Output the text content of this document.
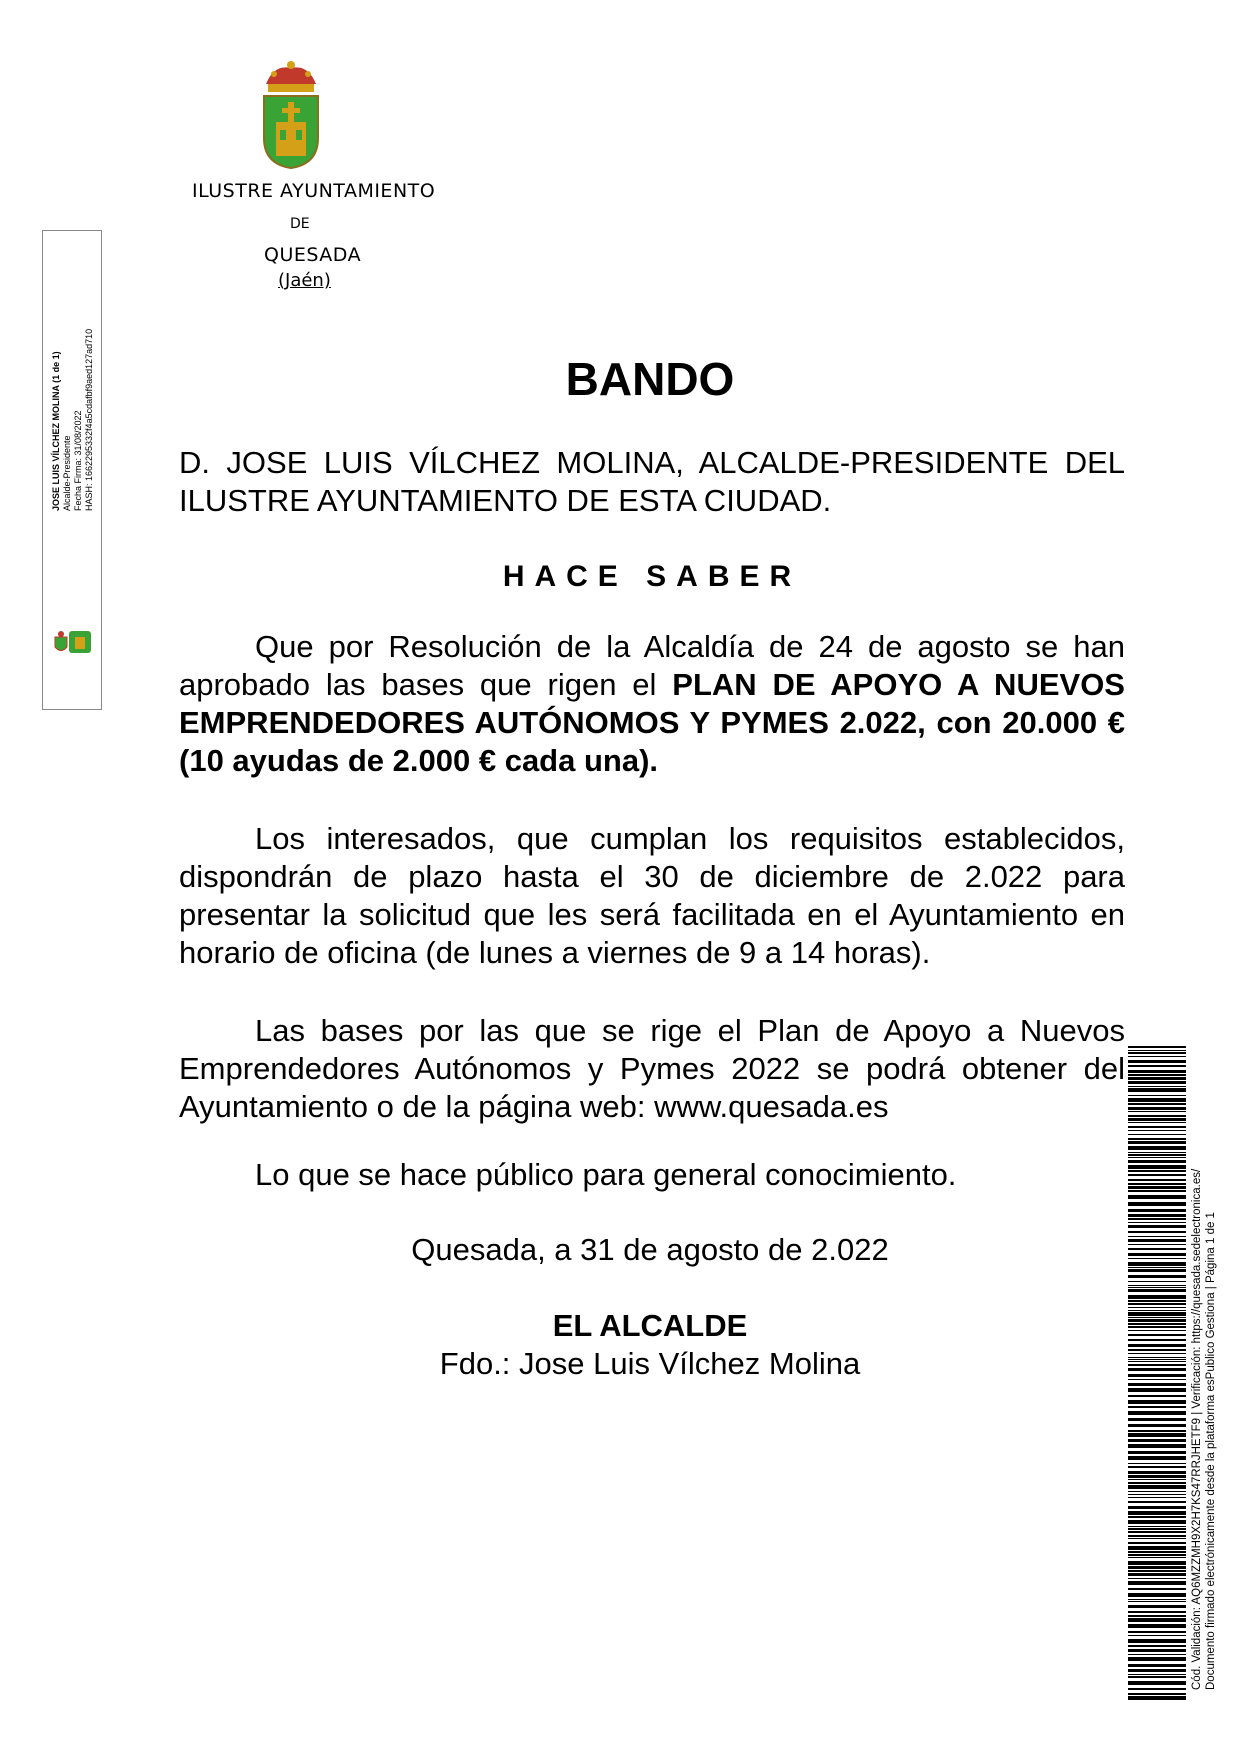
ILUSTRE AYUNTAMIENTO
DE
QUESADA
(Jaén)
JOSE LUIS VÍLCHEZ MOLINA (1 de 1) Alcalde-Presidente Fecha Firma: 31/08/2022 HASH: 1662295332f4a5cdafbf9aed127ad710	BANDO
D. JOSE LUIS VÍLCHEZ MOLINA, ALCALDE-PRESIDENTE DEL ILUSTRE AYUNTAMIENTO DE ESTA CIUDAD.
HACE SABER
Que por Resolución de la Alcaldía de 24 de agosto se han aprobado las bases que rigen el PLAN DE APOYO A NUEVOS EMPRENDEDORES AUTÓNOMOS Y PYMES 2.022, con 20.000 € (10 ayudas de 2.000 € cada una).
Los interesados, que cumplan los requisitos establecidos, dispondrán de plazo hasta el 30 de diciembre de 2.022 para presentar la solicitud que les será facilitada en el Ayuntamiento en horario de oficina (de lunes a viernes de 9 a 14 horas).
Las bases por las que se rige el Plan de Apoyo a Nuevos Emprendedores Autónomos y Pymes 2022 se podrá obtener del Ayuntamiento o de la página web: www.quesada.es
Lo que se hace público para general conocimiento.
Quesada, a 31 de agosto de 2.022
EL ALCALDE
Fdo.: Jose Luis Vílchez Molina	Cód. Validación: AQ6MZZMH9X2H7KS47RRJHETF9 | Verificación: https://quesada.sedelectronica.es/ Documento firmado electrónicamente desde la plataforma esPublico Gestiona | Página 1 de 1
